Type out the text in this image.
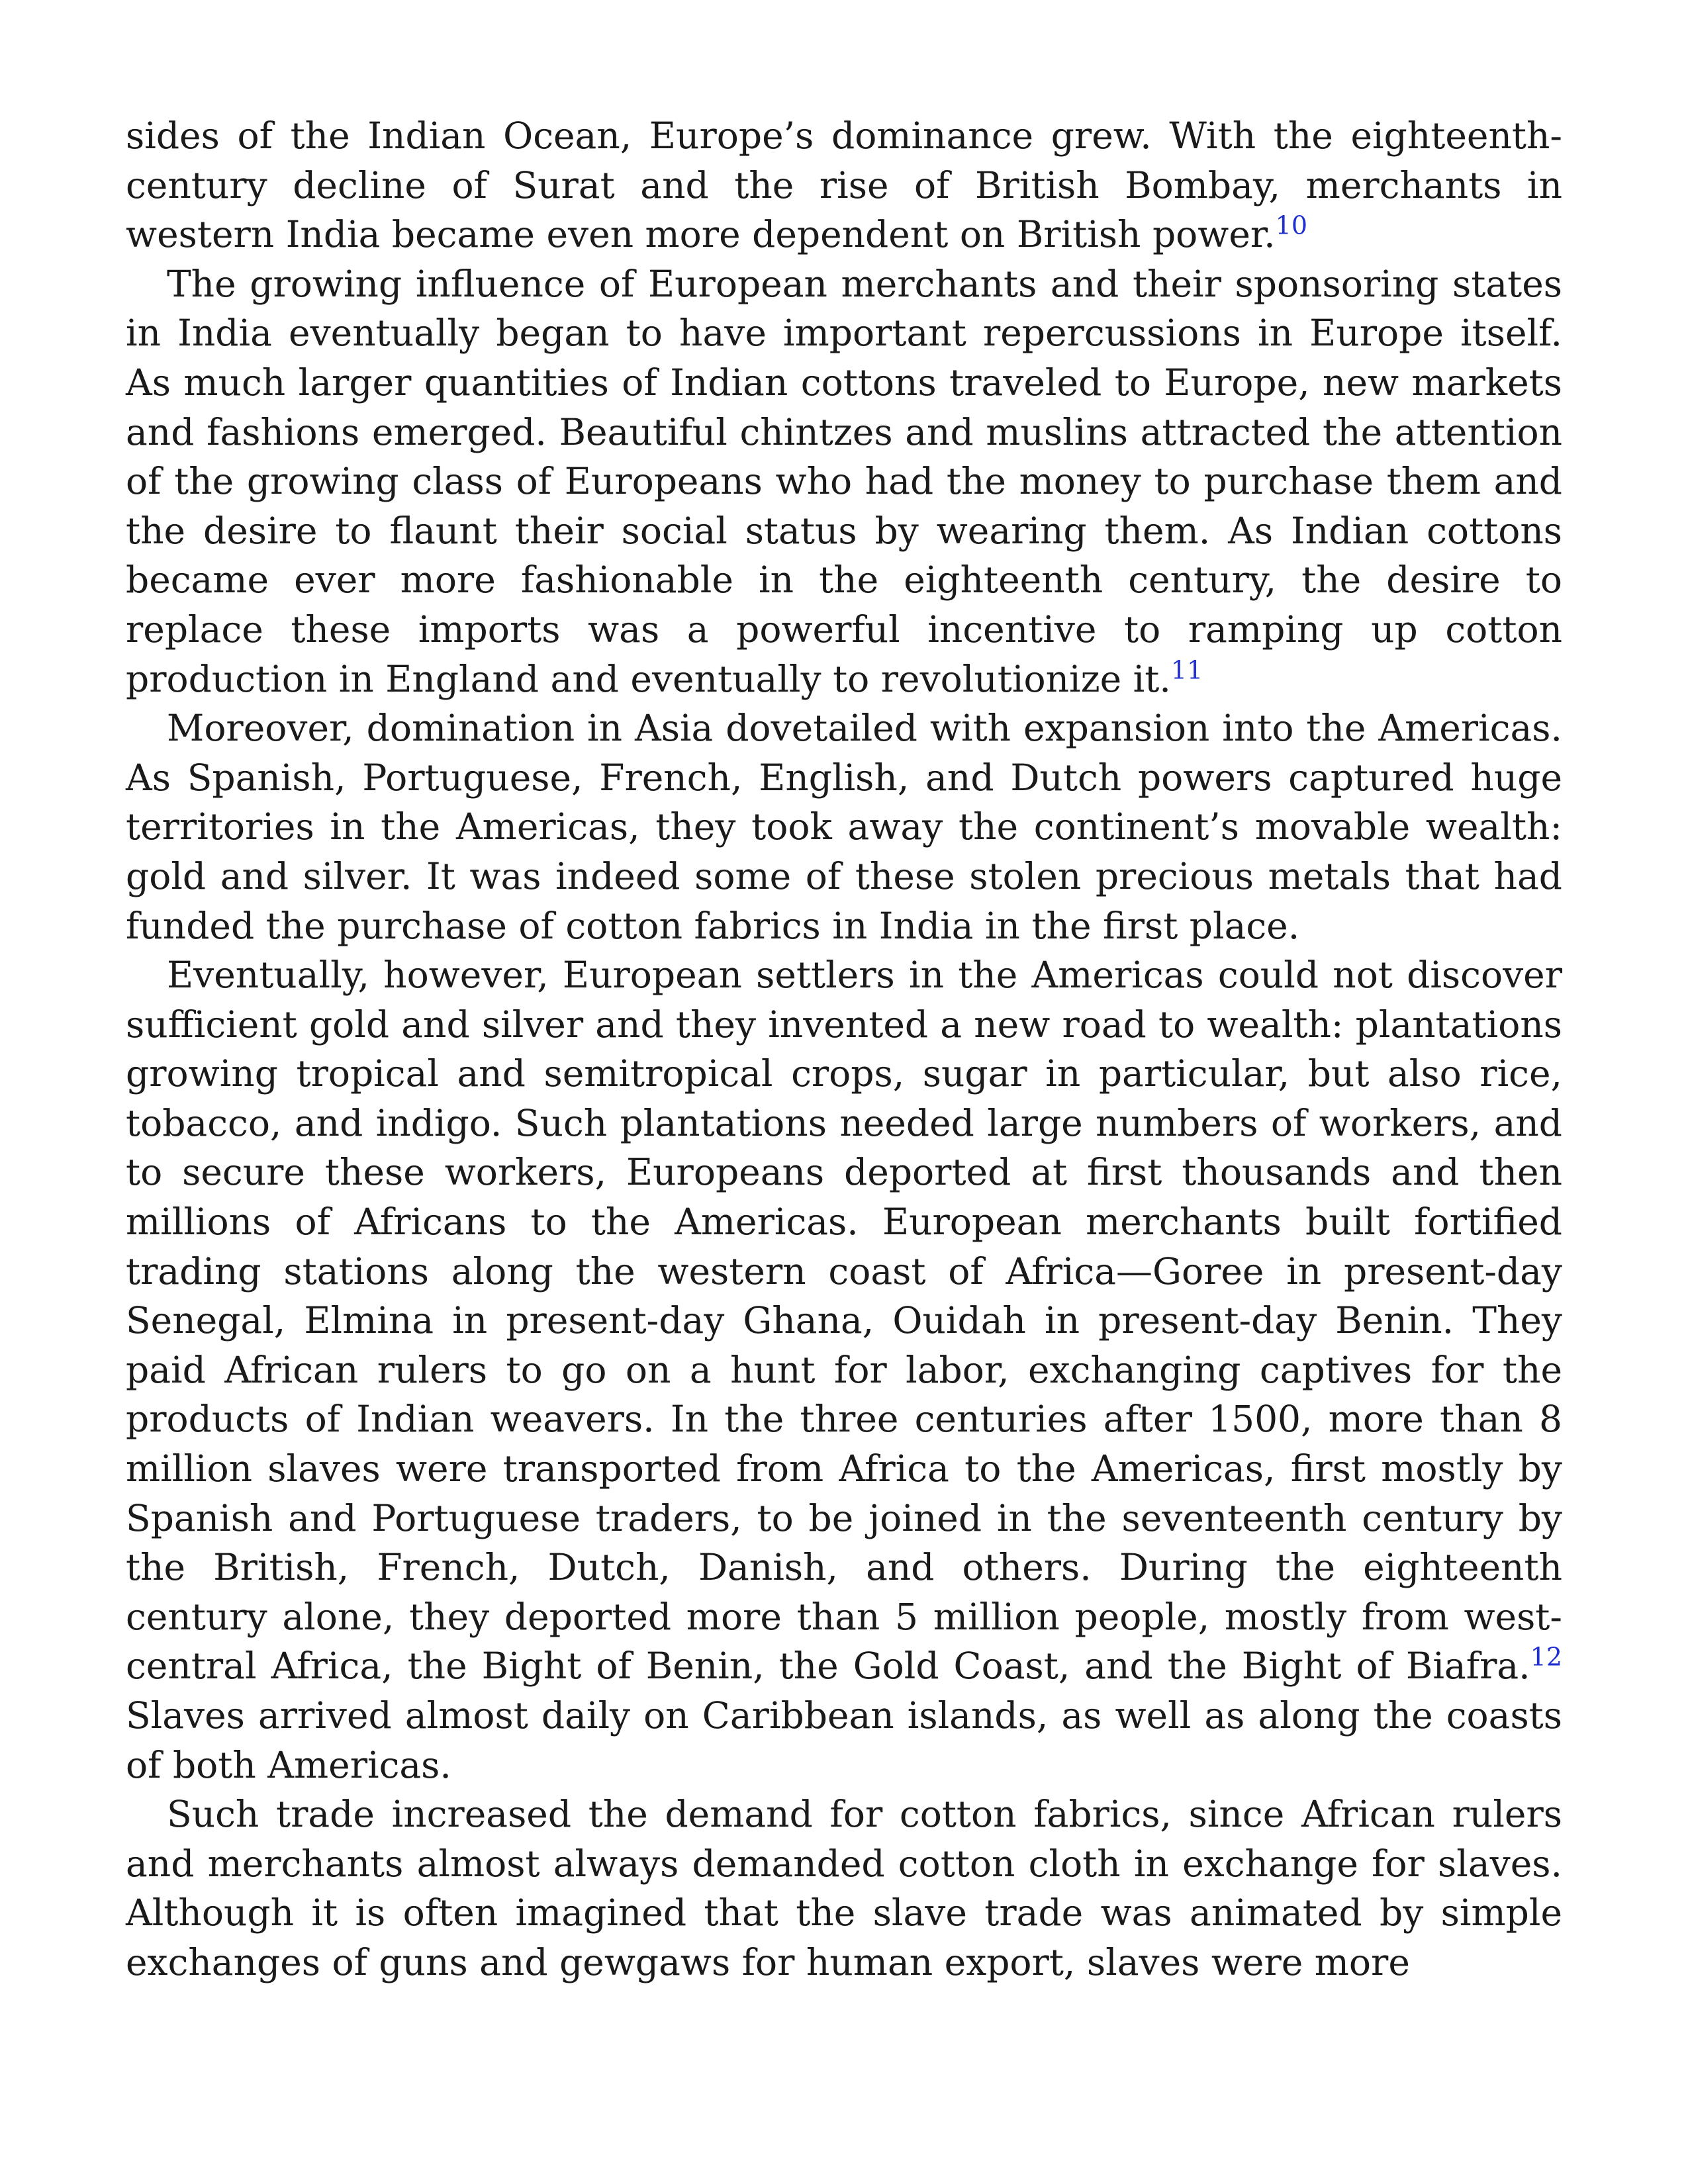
sides of the Indian Ocean, Europe’s dominance grew. With the eighteenth-century decline of Surat and the rise of British Bombay, merchants in western India became even more dependent on British power.$^{10}$

The growing influence of European merchants and their sponsoring states in India eventually began to have important repercussions in Europe itself. As much larger quantities of Indian cottons traveled to Europe, new markets and fashions emerged. Beautiful chintzes and muslins attracted the attention of the growing class of Europeans who had the money to purchase them and the desire to flaunt their social status by wearing them. As Indian cottons became ever more fashionable in the eighteenth century, the desire to replace these imports was a powerful incentive to ramping up cotton production in England and eventually to revolutionize it.$^{11}$

Moreover, domination in Asia dovetailed with expansion into the Americas. As Spanish, Portuguese, French, English, and Dutch powers captured huge territories in the Americas, they took away the continent’s movable wealth: gold and silver. It was indeed some of these stolen precious metals that had funded the purchase of cotton fabrics in India in the first place.

Eventually, however, European settlers in the Americas could not discover sufficient gold and silver and they invented a new road to wealth: plantations growing tropical and semitropical crops, sugar in particular, but also rice, tobacco, and indigo. Such plantations needed large numbers of workers, and to secure these workers, Europeans deported at first thousands and then millions of Africans to the Americas. European merchants built fortified trading stations along the western coast of Africa—Goree in present-day Senegal, Elmina in present-day Ghana, Ouidah in present-day Benin. They paid African rulers to go on a hunt for labor, exchanging captives for the products of Indian weavers. In the three centuries after 1500, more than 8 million slaves were transported from Africa to the Americas, first mostly by Spanish and Portuguese traders, to be joined in the seventeenth century by the British, French, Dutch, Danish, and others. During the eighteenth century alone, they deported more than 5 million people, mostly from west-central Africa, the Bight of Benin, the Gold Coast, and the Bight of Biafra.$^{12}$ Slaves arrived almost daily on Caribbean islands, as well as along the coasts of both Americas.

Such trade increased the demand for cotton fabrics, since African rulers and merchants almost always demanded cotton cloth in exchange for slaves. Although it is often imagined that the slave trade was animated by simple exchanges of guns and gewgaws for human export, slaves were more
